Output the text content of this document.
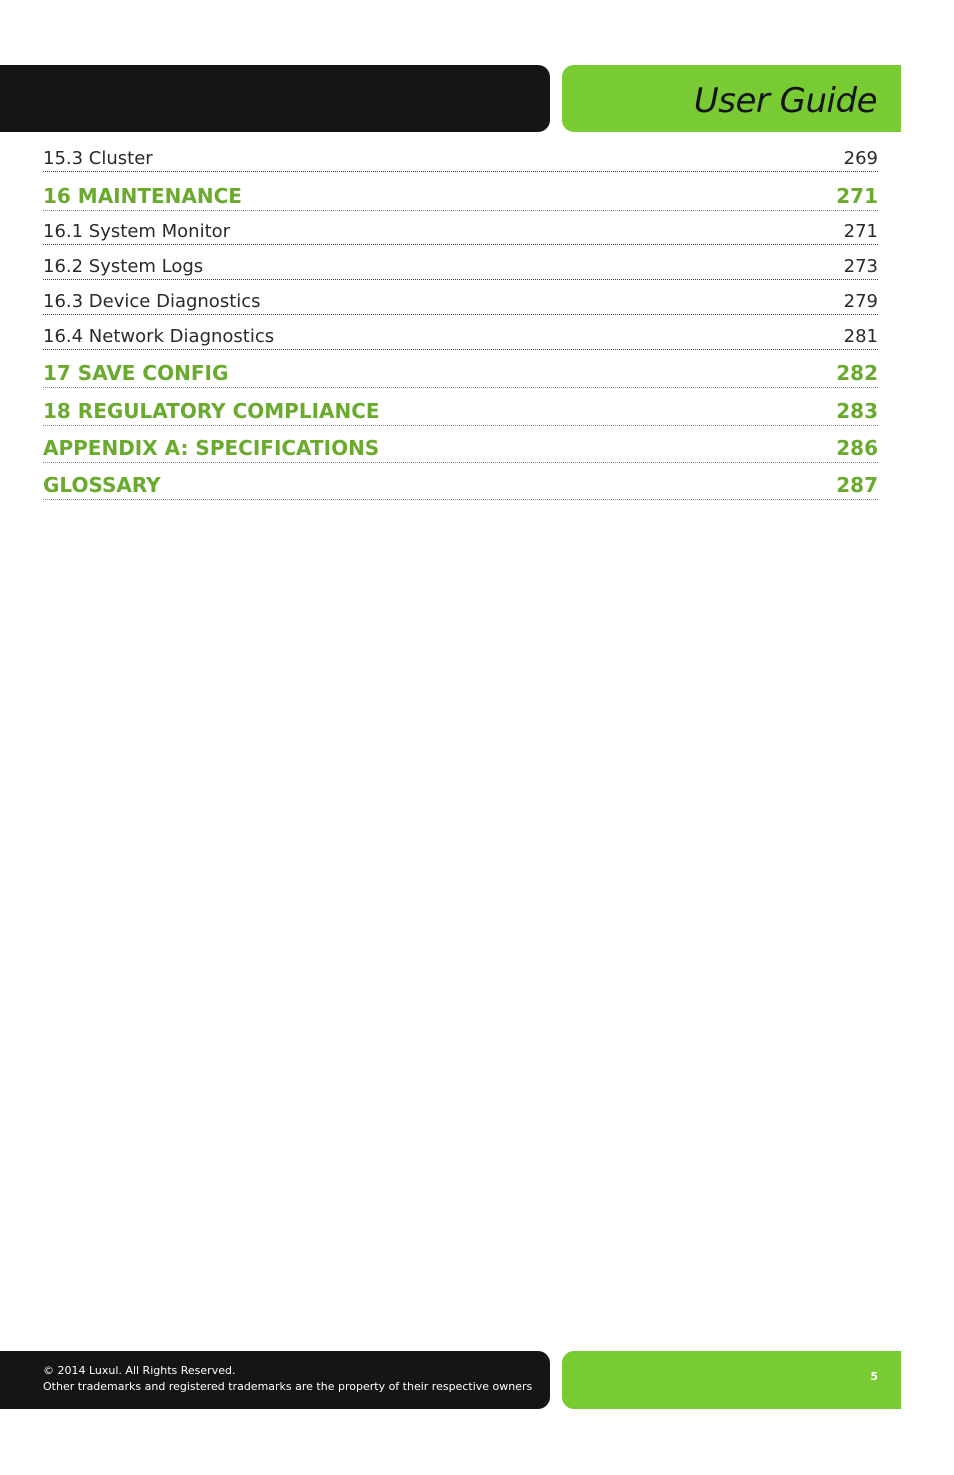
User Guide
15.3 Cluster	269
16 MAINTENANCE	271
16.1 System Monitor	271
16.2 System Logs	273
16.3 Device Diagnostics	279
16.4 Network Diagnostics	281
17 SAVE CONFIG	282
18 REGULATORY COMPLIANCE	283
APPENDIX A: SPECIFICATIONS	286
GLOSSARY	287
© 2014 Luxul. All Rights Reserved.
Other trademarks and registered trademarks are the property of their respective owners
5
